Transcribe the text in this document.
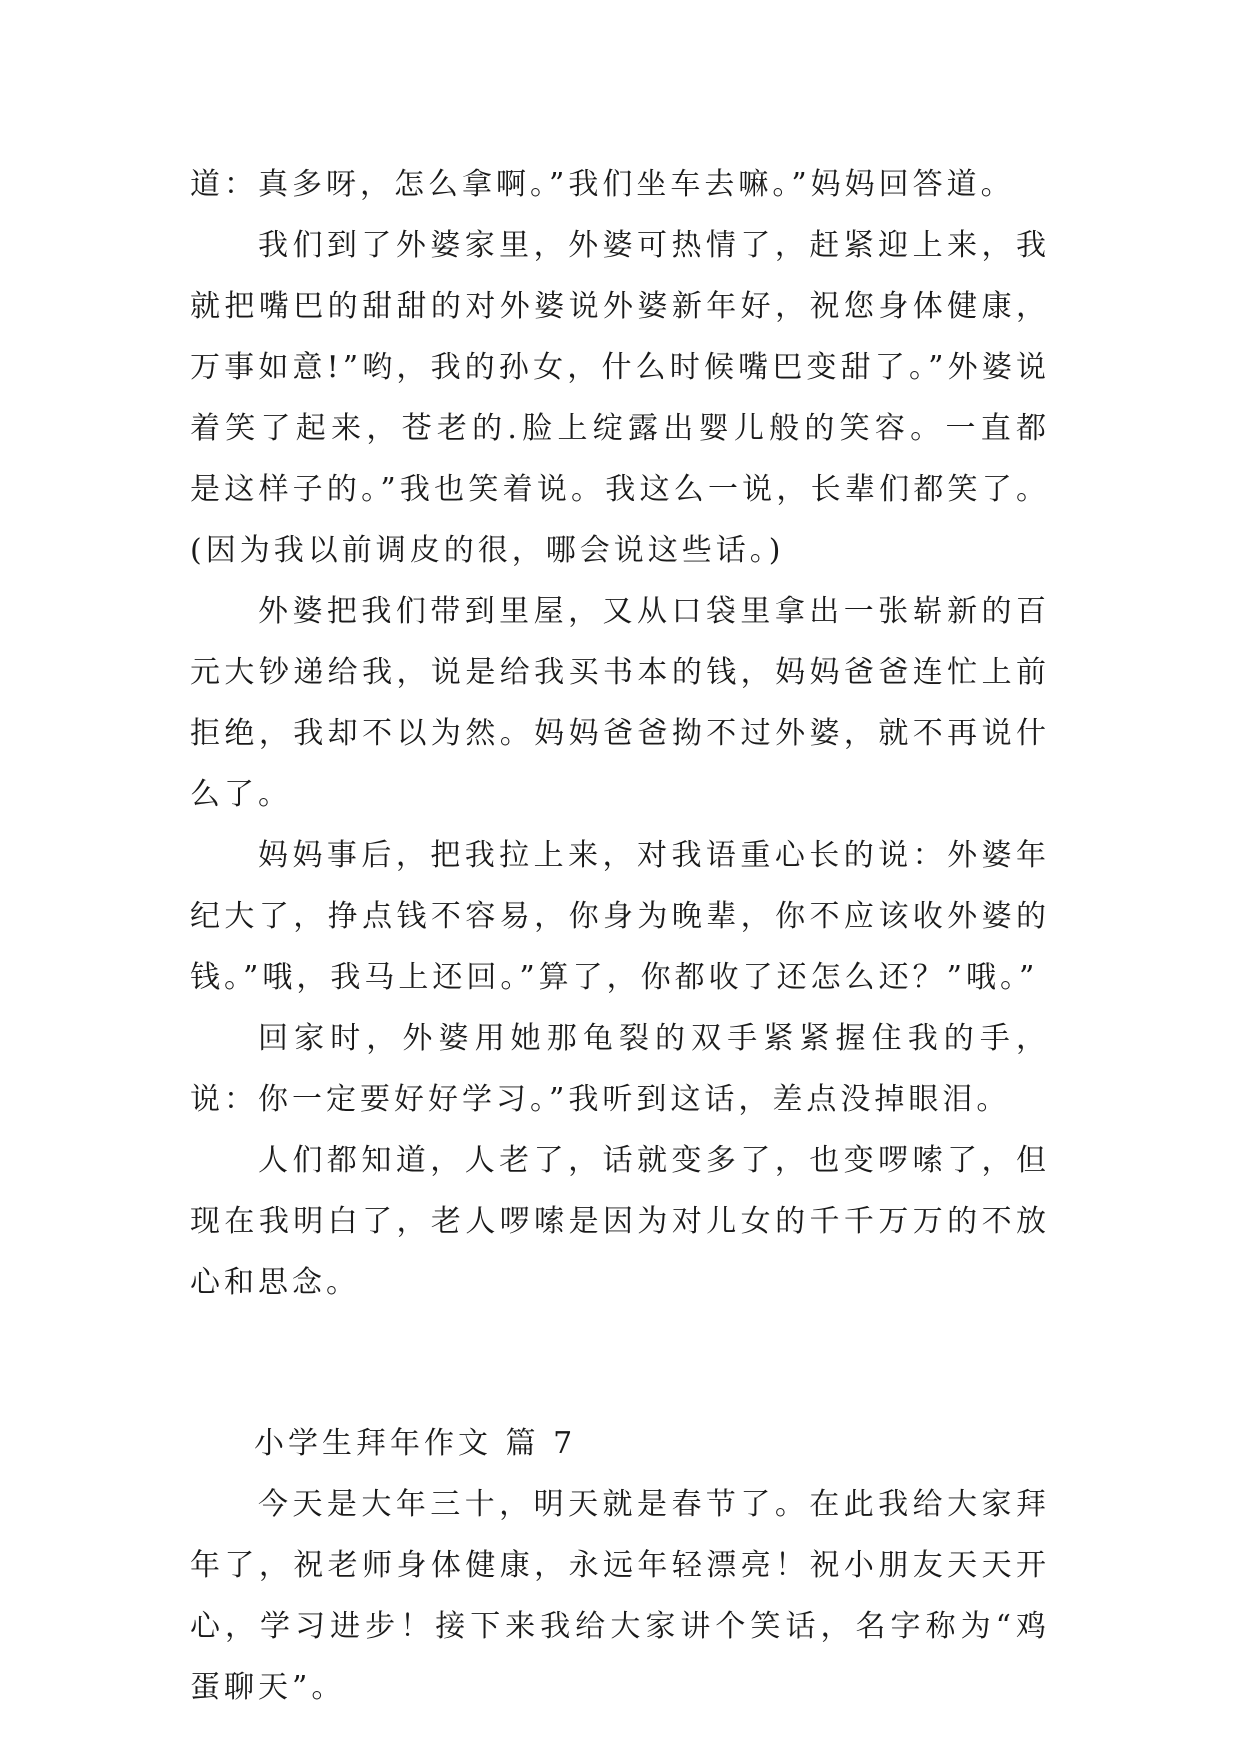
道：真多呀，怎么拿啊。”我们坐车去嘛。”妈妈回答道。

我们到了外婆家里，外婆可热情了，赶紧迎上来，我就把嘴巴的甜甜的对外婆说外婆新年好，祝您身体健康，万事如意!”哟，我的孙女，什么时候嘴巴变甜了。”外婆说着笑了起来，苍老的.脸上绽露出婴儿般的笑容。一直都是这样子的。”我也笑着说。我这么一说，长辈们都笑了。(因为我以前调皮的很，哪会说这些话。)

外婆把我们带到里屋，又从口袋里拿出一张崭新的百元大钞递给我，说是给我买书本的钱，妈妈爸爸连忙上前拒绝，我却不以为然。妈妈爸爸拗不过外婆，就不再说什么了。

妈妈事后，把我拉上来，对我语重心长的说：外婆年纪大了，挣点钱不容易，你身为晚辈，你不应该收外婆的钱。”哦，我马上还回。”算了，你都收了还怎么还？”哦。”

回家时，外婆用她那龟裂的双手紧紧握住我的手，说：你一定要好好学习。”我听到这话，差点没掉眼泪。

人们都知道，人老了，话就变多了，也变啰嗦了，但现在我明白了，老人啰嗦是因为对儿女的千千万万的不放心和思念。

小学生拜年作文 篇 7

今天是大年三十，明天就是春节了。在此我给大家拜年了，祝老师身体健康，永远年轻漂亮！祝小朋友天天开心，学习进步！接下来我给大家讲个笑话，名字称为“鸡蛋聊天”。
